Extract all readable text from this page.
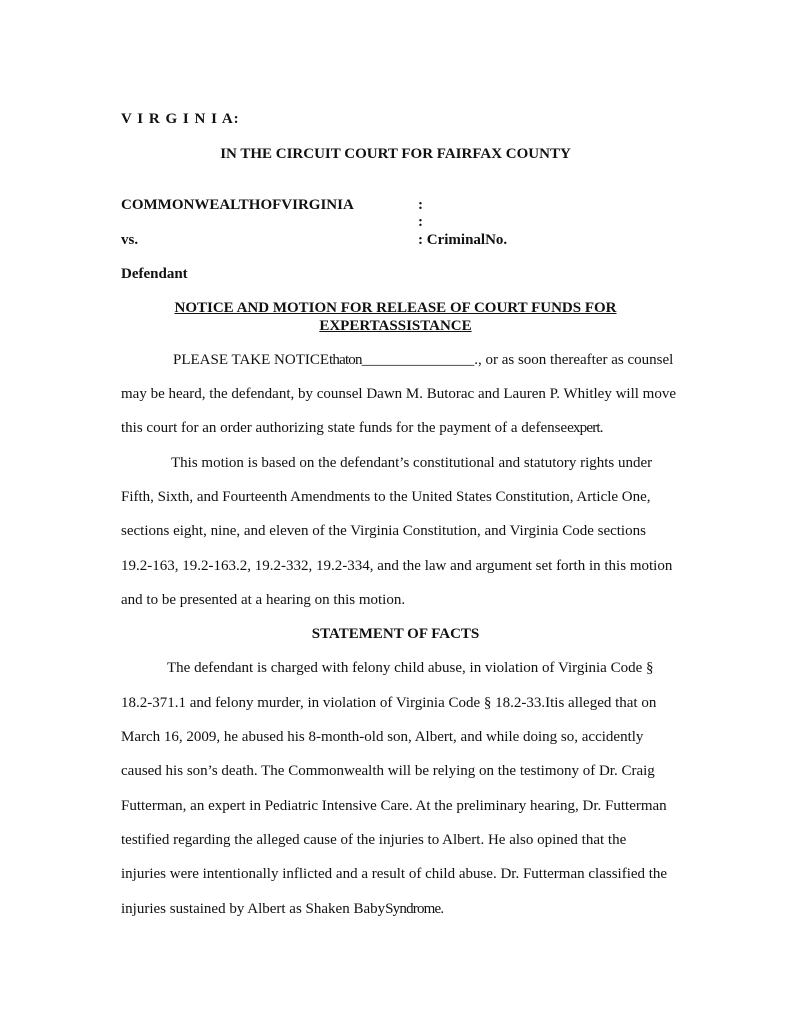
V I R G I N I A:
IN THE CIRCUIT COURT FOR FAIRFAX COUNTY
COMMONWEALTHOFVIRGINIA	:
:
vs.	: CriminalNo.
Defendant
NOTICE AND MOTION FOR RELEASE OF COURT FUNDS FOR
EXPERTASSISTANCE
PLEASE TAKE NOTICEthaton_______________., or as soon thereafter as counsel
may be heard, the defendant, by counsel Dawn M. Butorac and Lauren P. Whitley will move
this court for an order authorizing state funds for the payment of a defenseexpert.
This motion is based on the defendant’s constitutional and statutory rights under
Fifth, Sixth, and Fourteenth Amendments to the United States Constitution, Article One,
sections eight, nine, and eleven of the Virginia Constitution, and Virginia Code sections
19.2-163, 19.2-163.2, 19.2-332, 19.2-334, and the law and argument set forth in this motion
and to be presented at a hearing on this motion.
STATEMENT OF FACTS
The defendant is charged with felony child abuse, in violation of Virginia Code §
18.2-371.1 and felony murder, in violation of Virginia Code § 18.2-33.Itis alleged that on
March 16, 2009, he abused his 8-month-old son, Albert, and while doing so, accidently
caused his son’s death. The Commonwealth will be relying on the testimony of Dr. Craig
Futterman, an expert in Pediatric Intensive Care. At the preliminary hearing, Dr. Futterman
testified regarding the alleged cause of the injuries to Albert. He also opined that the
injuries were intentionally inflicted and a result of child abuse. Dr. Futterman classified the
injuries sustained by Albert as Shaken BabySyndrome.
